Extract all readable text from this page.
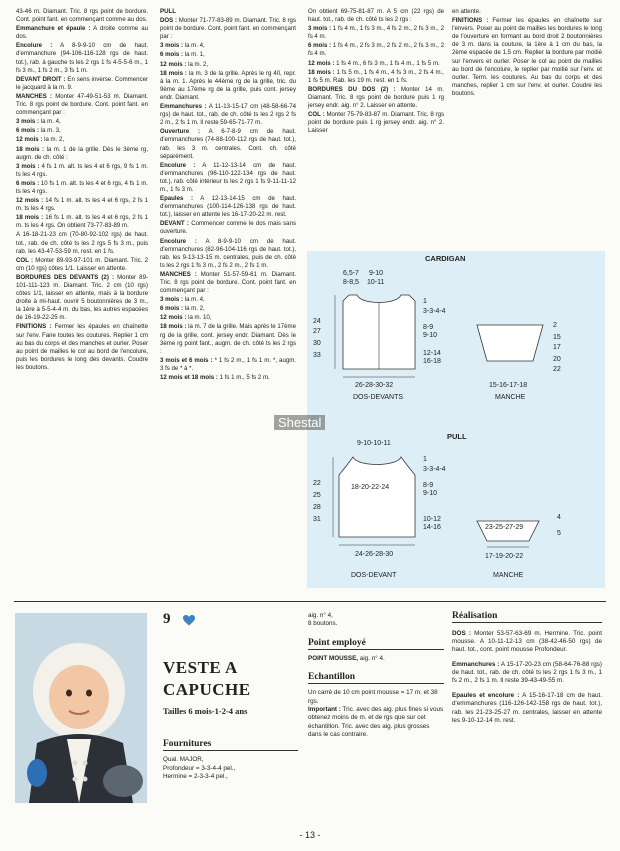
43-46 m. Diamant. Tric. 8 rgs point de bordure. Cont. point fant. en commençant comme au dos.

Emmanchure et épaule : A droite comme au dos.

Encolure : A 8-9-9-10 cm de haut. d'emmanchure (94-106-116-128 rgs de haut. tot.), rab. à gauche ts les 2 rgs 1 fs 4-5-5-6 m., 1 fs 3 m., 1 fs 2 m., 3 fs 1 m.

DEVANT DROIT : En sens inverse. Commencer le jacquard à la m. 9.

MANCHES : Monter 47-49-51-53 m. Diamant. Tric. 8 rgs point de bordure. Cont. point fant. en commençant par :

3 mois : la m. 4,

6 mois : la m. 3,

12 mois : la m. 2,

18 mois : la m. 1 de la grille. Dès le 3ème rg, augm. de ch. côté :

3 mois : 4 fs 1 m. alt. ts les 4 et 6 rgs, 9 fs 1 m. ts les 4 rgs.

6 mois : 10 fs 1 m. alt. ts les 4 et 6 rgs, 4 fs 1 m. ts les 4 rgs.

12 mois : 14 fs 1 m. alt. ts les 4 et 6 rgs, 2 fs 1 m. ts les 4 rgs.

18 mois : 16 fs 1 m. alt. ts les 4 et 6 rgs, 2 fs 1 m. ts les 4 rgs. On obtient 73-77-83-89 m.

A 16-18-21-23 cm (70-80-92-102 rgs) de haut. tot., rab. de ch. côté ts les 2 rgs 5 fs 3 m., puis rab. les 43-47-53-59 m. rest. en 1 fs.

COL : Monter 89-93-97-101 m. Diamant. Tric. 2 cm (10 rgs) côtes 1/1. Laisser en attente.

BORDURES DES DEVANTS (2) : Monter 89-101-111-123 m. Diamant. Tric. 2 cm (10 rgs) côtes 1/1, laisser en attente, mais à la bordure droite à mi-haut. ouvrir 5 boutonnières de 3 m., la 1ère à 5-5-4-4 m. du bas, les autres espacées de 16-19-22-25 m.

FINITIONS : Fermer les épaules en chaînette sur l'env. Faire toutes les coutures. Replier 1 cm au bas du corps et des manches et ourler. Poser au point de mailles le col au bord de l'encolure, puis les bordures le long des devants. Coudre les boutons.

PULL

DOS : Monter 71-77-83-89 m. Diamant. Tric. 8 rgs point de bordure. Cont. point fant. en commençant par :

3 mois : la m. 4,

6 mois : la m. 1,

12 mois : la m. 2,

18 mois : la m. 3 de la grille. Après le rg 40, repr. à la m. 1. Après le 44ème rg de la grille, tric. du 9ème au 17ème rg de la grille, puis cont. jersey endr. Diamant.

Emmanchures : A 11-13-15-17 cm (48-58-66-74 rgs) de haut. tot., rab. de ch. côté ts les 2 rgs 2 fs 2 m., 2 fs 1 m. Il reste 59-65-71-77 m.

Ouverture : A 6-7-8-9 cm de haut. d'emmanchures (74-88-100-112 rgs de haut. tot.), rab. les 3 m. centrales. Cont. ch. côté séparément.

Encolure : A 11-12-13-14 cm de haut. d'emmanchures (96-110-122-134 rgs de haut. tot.), rab. côté intérieur ts les 2 rgs 1 fs 9-11-11-12 m., 1 fs 3 m.

Epaules : A 12-13-14-15 cm de haut. d'emmanchures (100-114-126-138 rgs de haut. tot.), laisser en attente les 16-17-20-22 m. rest.

DEVANT : Commencer comme le dos mais sans ouverture.

Encolure : A 8-9-9-10 cm de haut. d'emmanchures (82-96-104-116 rgs de haut. tot.), rab. les 9-13-13-15 m. centrales, puis de ch. côté ts les 2 rgs 1 fs 3 m., 2 fs 2 m., 2 fs 1 m.

MANCHES : Monter 51-57-59-61 m. Diamant. Tric. 8 rgs point de bordure. Cont. point fant. en commençant par :

3 mois : la m. 4,

6 mois : la m. 2,

12 mois : la m. 10,

18 mois : la m. 7 de la grille. Mais après le 17ème rg de la grille, cont. jersey endr. Diamant. Dès le 3ème rg point fant., augm. de ch. côté ts les 2 rgs :

3 mois et 6 mois : * 1 fs 2 m., 1 fs 1 m. *, augm. 3 fs de * à *.

12 mois et 18 mois : 1 fs 1 m., 5 fs 2 m.

On obtient 69-75-81-87 m. A 5 cm (22 rgs) de haut. tot., rab. de ch. côté ts les 2 rgs :

3 mois : 1 fs 4 m., 1 fs 3 m., 4 fs 2 m., 2 fs 3 m., 2 fs 4 m.

6 mois : 1 fs 4 m., 2 fs 3 m., 2 fs 2 m., 2 fs 3 m., 2 fs 4 m.

12 mois : 1 fs 4 m., 6 fs 3 m., 1 fs 4 m., 1 fs 5 m.

18 mois : 1 fs 5 m., 1 fs 4 m., 4 fs 3 m., 2 fs 4 m., 1 fs 5 m. Rab. les 19 m. rest. en 1 fs.

BORDURES DU DOS (2) : Monter 14 m. Diamant. Tric. 8 rgs point de bordure puis 1 rg jersey endr. aig. n° 2. Laisser en attente.

COL : Monter 75-79-83-87 m. Diamant. Tric. 8 rgs point de bordure puis 1 rg jersey endr. aig. n° 2. Laisser

en attente.

FINITIONS : Fermer les épaules en chaînette sur l'envers. Poser au point de mailles les bordures le long de l'ouverture en formant au bord droit 2 boutonnières de 3 m. dans la couture, la 1ère à 1 cm du bas, la 2ème espacée de 1,5 cm. Replier la bordure par moitié sur l'envers et ourler. Poser le col au point de mailles au bord de l'encolure, le replier par moitié sur l'env. et ourler. Term. les coutures. Au bas du corps et des manches, replier 1 cm sur l'env. et ourler. Coudre les boutons.

CARDIGAN
6,5-7 9-10
8-8,5 10-11
24
27
30
33
1
3-3-4-4
8-9
9-10
12-14
16-18
26-28-30-32
DOS-DEVANTS
2
15
17
20
22
15-16-17-18
MANCHE
PULL
9-10-10-11
22
25
28
31
18-20-22-24
1
3-3-4-4
8-9
9-10
10-12
14-16
24-26-28-30
DOS-DEVANT
23-25-27-29
4
5
17-19-20-22
MANCHE
Shestal
9
VESTE A
CAPUCHE
Tailles 6 mois-1-2-4 ans
Fournitures
Qual. MAJOR,
Profondeur = 3-3-4-4 pel.,
Hermine = 2-3-3-4 pel.,
aig. n° 4,
8 boutons.
Point employé
POINT MOUSSE, aig. n° 4.
Echantillon
Un carré de 10 cm point mousse = 17 m. et 38 rgs.
Important : Tric. avec des aig. plus fines si vous obtenez moins de m. et de rgs que sur cet échantillon. Tric. avec des aig. plus grosses dans le cas contraire.
Réalisation

DOS : Monter 53-57-63-69 m. Hermine. Tric. point mousse. A 10-11-12-13 cm (38-42-46-50 rgs) de haut. tot., cont. point mousse Profondeur.

Emmanchures : A 15-17-20-23 cm (58-64-76-88 rgs) de haut. tot., rab. de ch. côté ts les 2 rgs 1 fs 3 m., 1 fs 2 m., 2 fs 1 m. Il reste 39-43-49-55 m.

Epaules et encolure : A 15-16-17-18 cm de haut. d'emmanchures (116-126-142-158 rgs de haut. tot.), rab. les 21-23-25-27 m. centrales, laisser en attente les 9-10-12-14 m. rest.

- 13 -
